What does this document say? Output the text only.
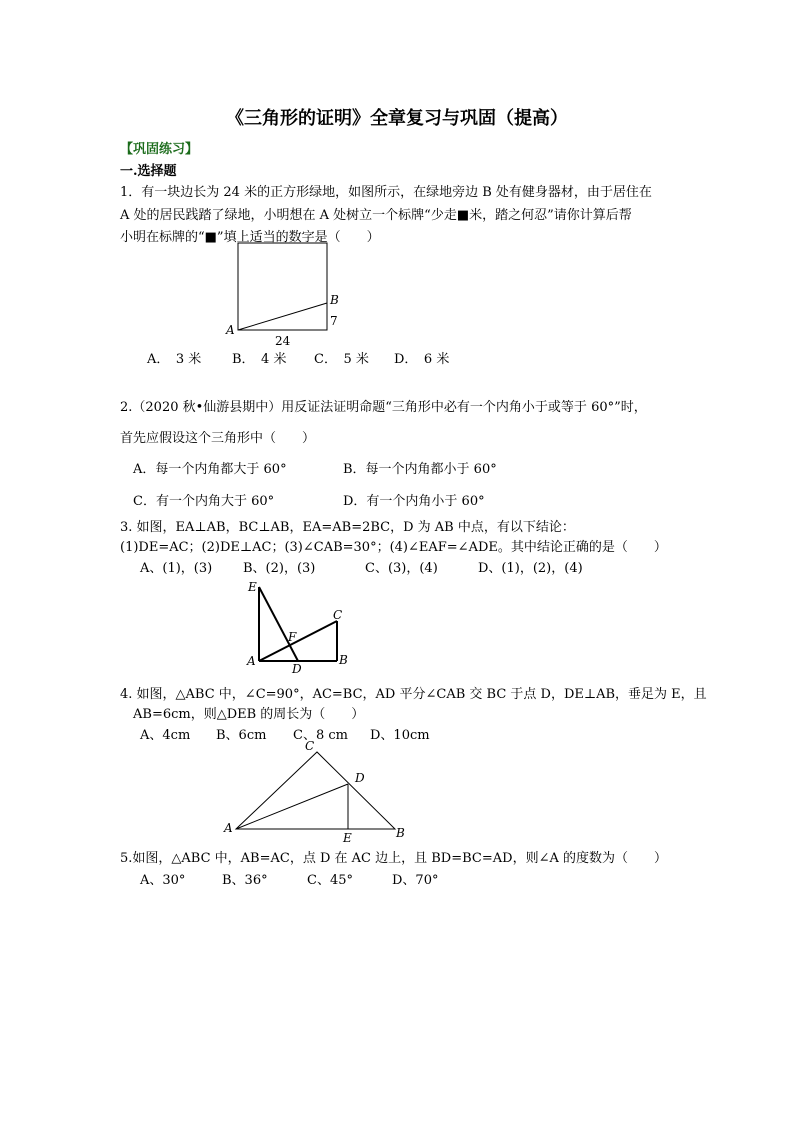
《三角形的证明》全章复习与巩固（提高）
【巩固练习】
一.选择题
1．有一块边长为 24 米的正方形绿地，如图所示，在绿地旁边 B 处有健身器材，由于居住在
A 处的居民践踏了绿地，小明想在 A 处树立一个标牌“少走■米，踏之何忍”请你计算后帮
小明在标牌的“■”填上适当的数字是（　　）
A
B
7
24
A．　3 米 B．　4 米 C．　5 米 D．　6 米
2.（2020 秋•仙游县期中）用反证法证明命题“三角形中必有一个内角小于或等于 60°”时，
首先应假设这个三角形中（　　）
A．每一个内角都大于 60°	B．每一个内角都小于 60°
C．有一个内角大于 60°	D．有一个内角小于 60°
3. 如图，EA⊥AB，BC⊥AB，EA=AB=2BC，D 为 AB 中点，有以下结论：
(1)DE=AC；(2)DE⊥AC；(3)∠CAB=30°；(4)∠EAF=∠ADE。其中结论正确的是（　　）
A、(1)，(3) B、(2)，(3)	C、(3)，(4)	D、(1)，(2)，(4)
E
C
F
A
D
B
4. 如图，△ABC 中，∠C=90°，AC=BC，AD 平分∠CAB 交 BC 于点 D，DE⊥AB，垂足为 E，且
AB=6cm，则△DEB 的周长为（　　）
A、4cm B、6cm C、8 cm D、10cm
C
D
A
E	B
5.如图，△ABC 中，AB=AC，点 D 在 AC 边上，且 BD=BC=AD，则∠A 的度数为（　　）
A、30°	B、36°	C、45°	D、70°
